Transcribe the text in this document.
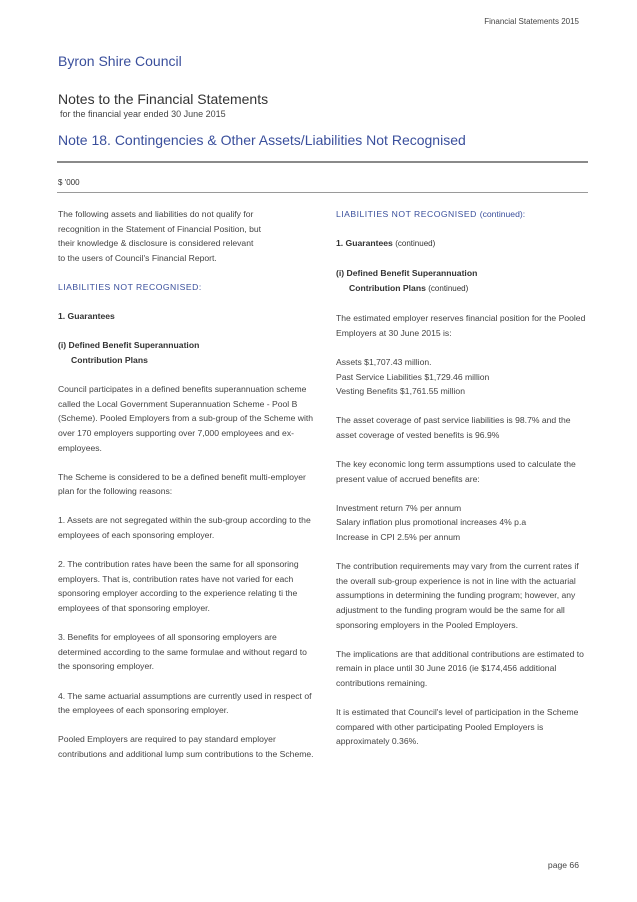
Financial Statements 2015
Byron Shire Council
Notes to the Financial Statements
for the financial year ended 30 June 2015
Note 18. Contingencies & Other Assets/Liabilities Not Recognised
$ '000

The following assets and liabilities do not qualify for
recognition in the Statement of Financial Position, but
their knowledge & disclosure is considered relevant
to the users of Council's Financial Report.

LIABILITIES NOT RECOGNISED:

1. Guarantees
(i) Defined Benefit Superannuation
Contribution Plans

Council participates in a defined benefits superannuation scheme called the Local Government Superannuation Scheme - Pool B (Scheme). Pooled Employers from a sub-group of the Scheme with over 170 employers supporting over 7,000 employees and ex-employees.

The Scheme is considered to be a defined benefit multi-employer plan for the following reasons:

1. Assets are not segregated within the sub-group according to the employees of each sponsoring employer.

2. The contribution rates have been the same for all sponsoring employers. That is, contribution rates have not varied for each sponsoring employer according to the experience relating ti the employees of that sponsoring employer.

3. Benefits for employees of all sponsoring employers are determined according to the same formulae and without regard to the sponsoring employer.

4. The same actuarial assumptions are currently used in respect of the employees of each sponsoring employer.

Pooled Employers are required to pay standard employer contributions and additional lump sum contributions to the Scheme.

LIABILITIES NOT RECOGNISED (continued):
1. Guarantees (continued)
(i) Defined Benefit Superannuation
Contribution Plans (continued)

The estimated employer reserves financial position for the Pooled Employers at 30 June 2015 is:

Assets $1,707.43 million.
Past Service Liabilities $1,729.46 million
Vesting Benefits $1,761.55 million

The asset coverage of past service liabilities is 98.7% and the asset coverage of vested benefits is 96.9%

The key economic long term assumptions used to calculate the present value of accrued benefits are:

Investment return 7% per annum
Salary inflation plus promotional increases 4% p.a
Increase in CPI 2.5% per annum

The contribution requirements may vary from the current rates if the overall sub-group experience is not in line with the actuarial assumptions in determining the funding program; however, any adjustment to the funding program would be the same for all sponsoring employers in the Pooled Employers.

The implications are that additional contributions are estimated to remain in place until 30 June 2016 (ie $174,456 additional contributions remaining.

It is estimated that Council's level of participation in the Scheme compared with other participating Pooled Employers is approximately 0.36%.

page 66
